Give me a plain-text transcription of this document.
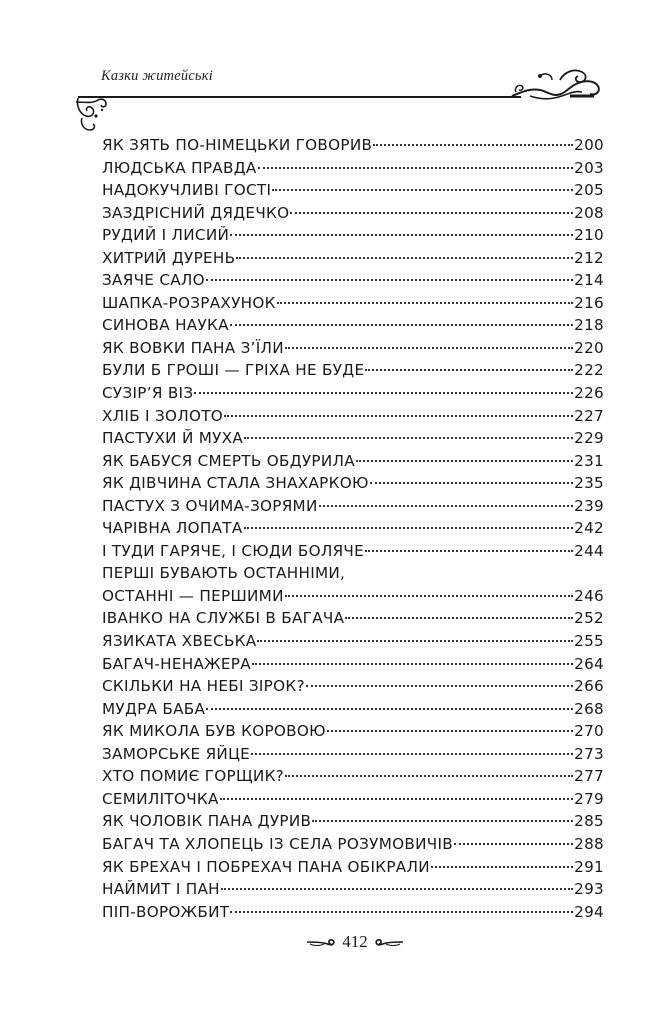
Казки житейські
ЯК ЗЯТЬ ПО-НІМЕЦЬКИ ГОВОРИВ	200
ЛЮДСЬКА ПРАВДА	203
НАДОКУЧЛИВІ ГОСТІ	205
ЗАЗДРІСНИЙ ДЯДЕЧКО	208
РУДИЙ І ЛИСИЙ	210
ХИТРИЙ ДУРЕНЬ	212
ЗАЯЧЕ САЛО	214
ШАПКА-РОЗРАХУНОК	216
СИНОВА НАУКА	218
ЯК ВОВКИ ПАНА З’ЇЛИ	220
БУЛИ Б ГРОШІ — ГРІХА НЕ БУДЕ	222
СУЗІР’Я ВІЗ	226
ХЛІБ І ЗОЛОТО	227
ПАСТУХИ Й МУХА	229
ЯК БАБУСЯ СМЕРТЬ ОБДУРИЛА	231
ЯК ДІВЧИНА СТАЛА ЗНАХАРКОЮ	235
ПАСТУХ З ОЧИМА-ЗОРЯМИ	239
ЧАРІВНА ЛОПАТА	242
І ТУДИ ГАРЯЧЕ, І СЮДИ БОЛЯЧЕ	244
ПЕРШІ БУВАЮТЬ ОСТАННІМИ,
ОСТАННІ — ПЕРШИМИ	246
ІВАНКО НА СЛУЖБІ В БАГАЧА	252
ЯЗИКАТА ХВЕСЬКА	255
БАГАЧ-НЕНАЖЕРА	264
СКІЛЬКИ НА НЕБІ ЗІРОК?	266
МУДРА БАБА	268
ЯК МИКОЛА БУВ КОРОВОЮ	270
ЗАМОРСЬКЕ ЯЙЦЕ	273
ХТО ПОМИЄ ГОРЩИК?	277
СЕМИЛІТОЧКА	279
ЯК ЧОЛОВІК ПАНА ДУРИВ	285
БАГАЧ ТА ХЛОПЕЦЬ ІЗ СЕЛА РОЗУМОВИЧІВ	288
ЯК БРЕХАЧ І ПОБРЕХАЧ ПАНА ОБІКРАЛИ	291
НАЙМИТ І ПАН	293
ПІП-ВОРОЖБИТ	294
412
